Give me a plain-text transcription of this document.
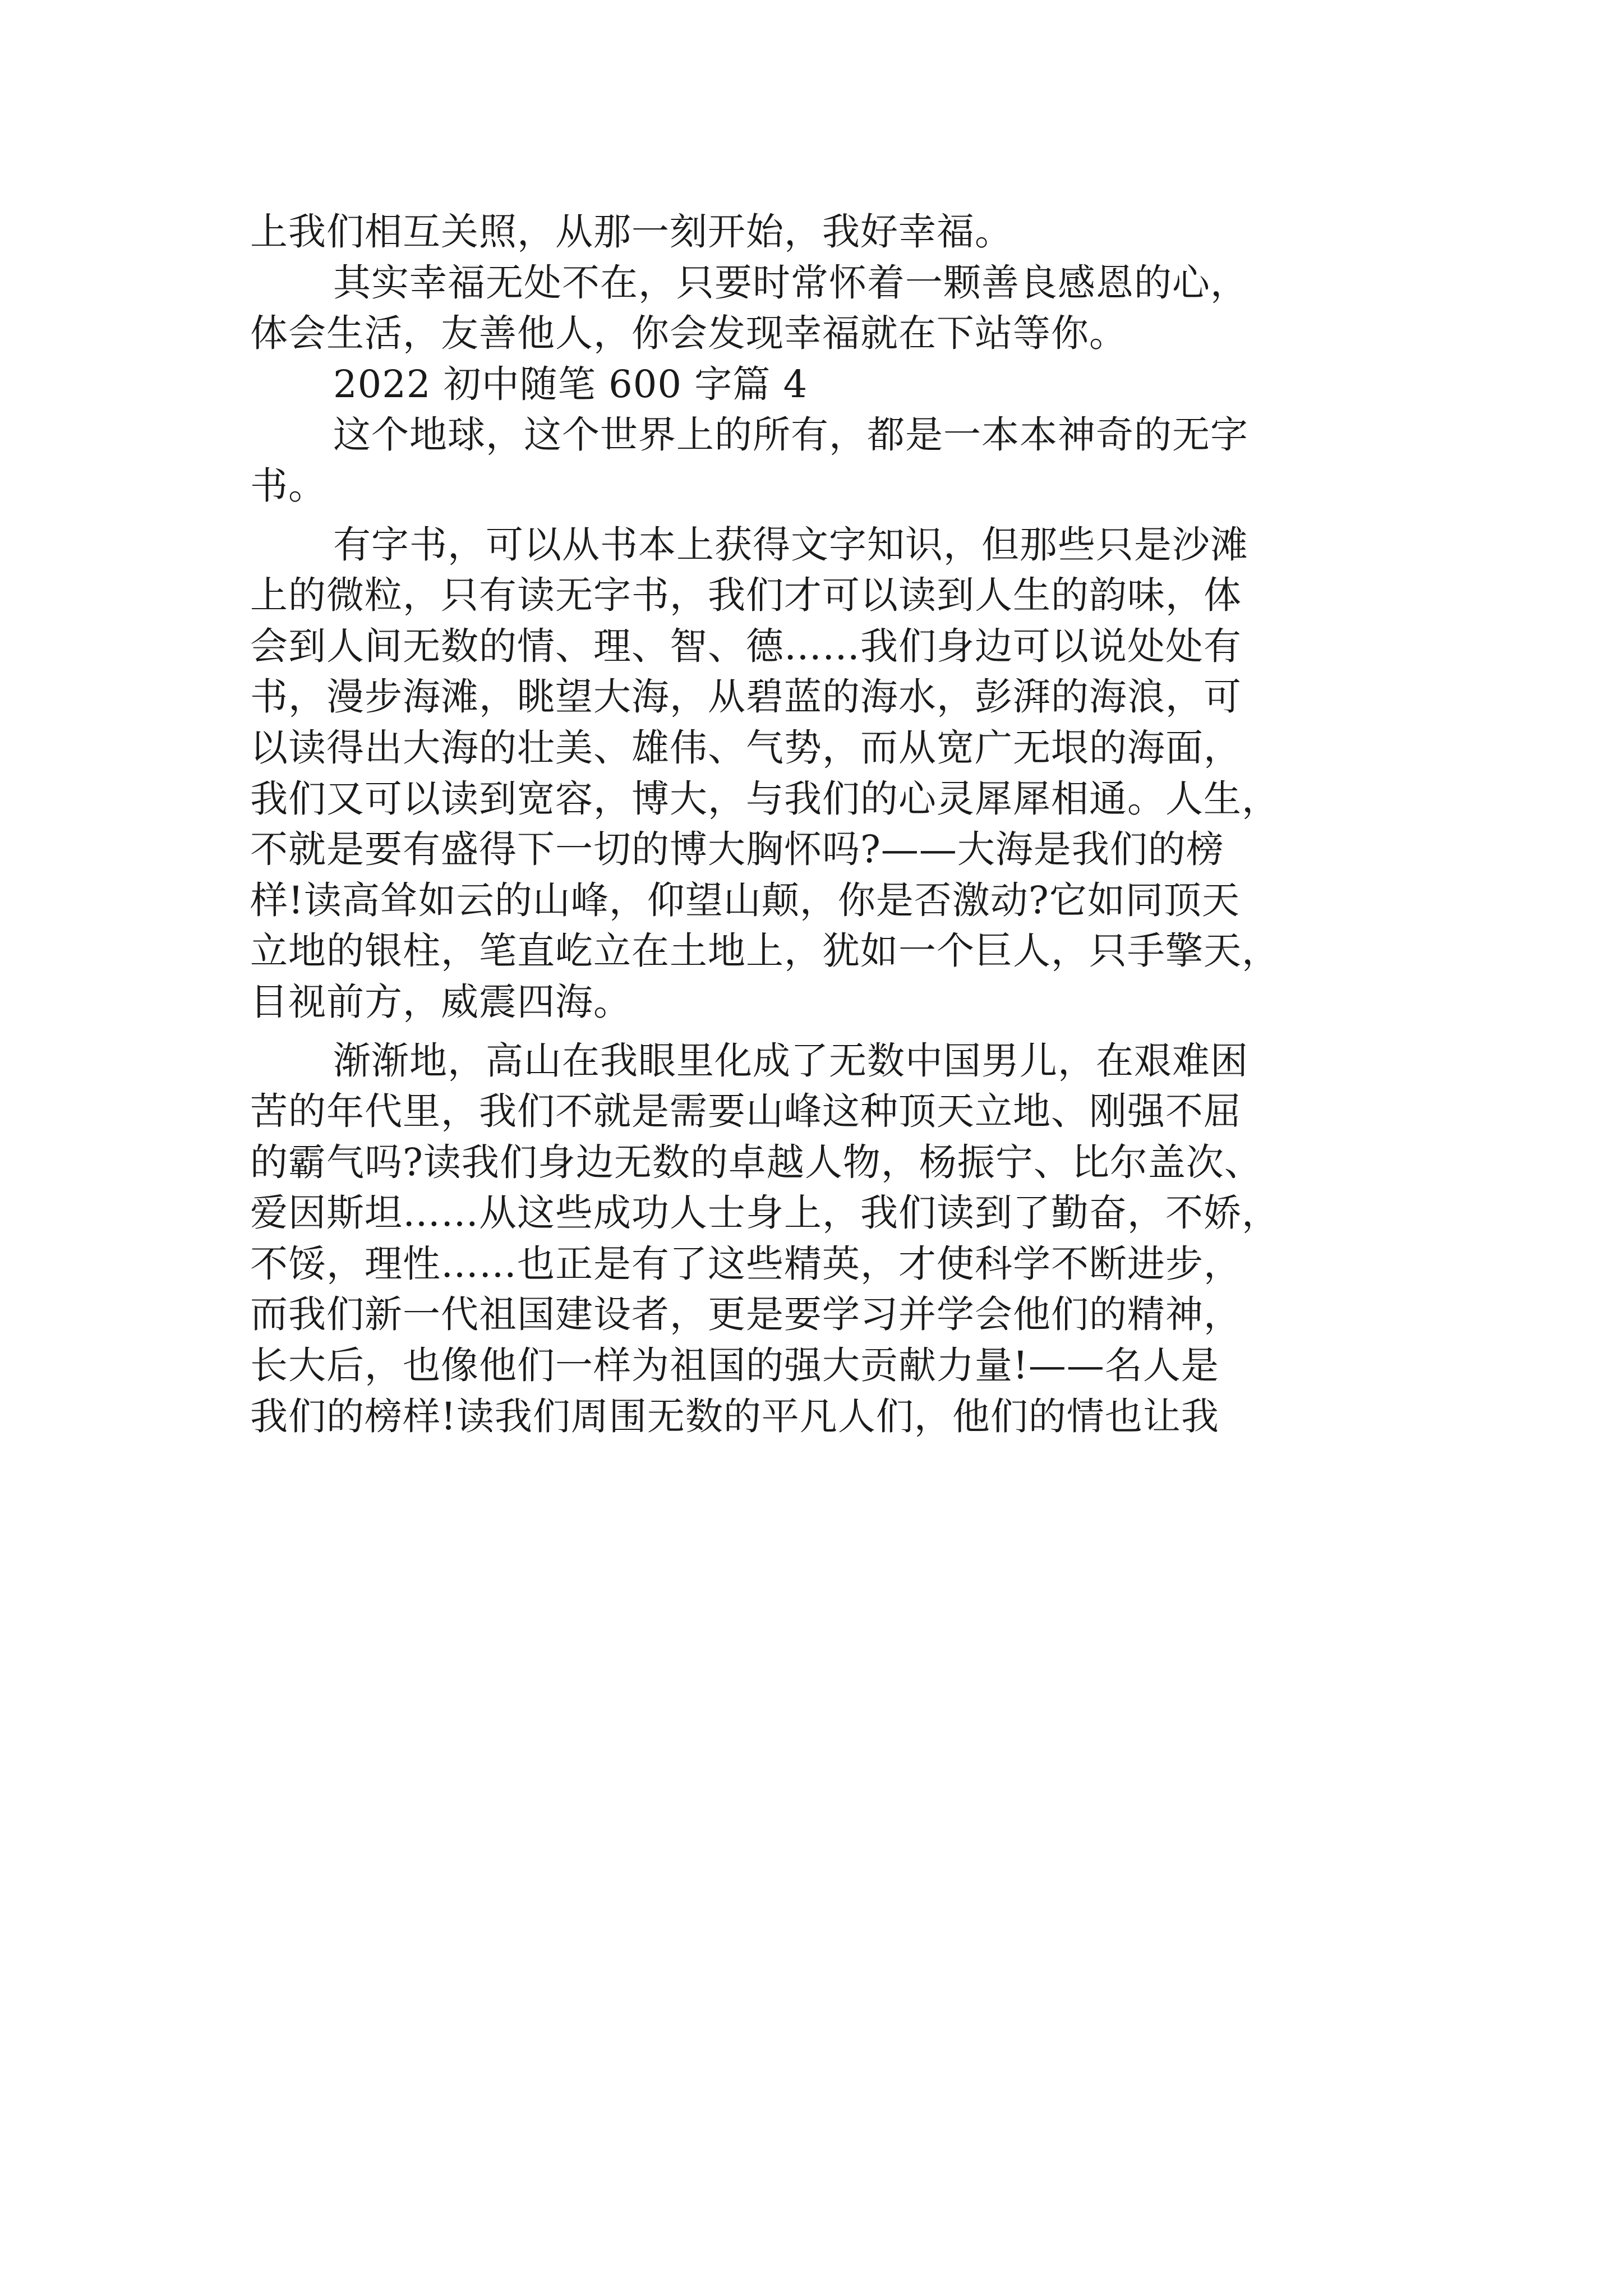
上我们相互关照，从那一刻开始，我好幸福。
其实幸福无处不在，只要时常怀着一颗善良感恩的心，
体会生活，友善他人，你会发现幸福就在下站等你。
2022 初中随笔 600 字篇 4
这个地球，这个世界上的所有，都是一本本神奇的无字
书。
有字书，可以从书本上获得文字知识，但那些只是沙滩
上的微粒，只有读无字书，我们才可以读到人生的韵味，体
会到人间无数的情、理、智、德……我们身边可以说处处有
书，漫步海滩，眺望大海，从碧蓝的海水，彭湃的海浪，可
以读得出大海的壮美、雄伟、气势，而从宽广无垠的海面，
我们又可以读到宽容，博大，与我们的心灵犀犀相通。人生，
不就是要有盛得下一切的博大胸怀吗?——大海是我们的榜
样!读高耸如云的山峰，仰望山颠，你是否激动?它如同顶天
立地的银柱，笔直屹立在土地上，犹如一个巨人，只手擎天，
目视前方，威震四海。
渐渐地，高山在我眼里化成了无数中国男儿，在艰难困
苦的年代里，我们不就是需要山峰这种顶天立地、刚强不屈
的霸气吗?读我们身边无数的卓越人物，杨振宁、比尔盖次、
爱因斯坦……从这些成功人士身上，我们读到了勤奋，不娇，
不馁，理性……也正是有了这些精英，才使科学不断进步，
而我们新一代祖国建设者，更是要学习并学会他们的精神，
长大后，也像他们一样为祖国的强大贡献力量!——名人是
我们的榜样!读我们周围无数的平凡人们，他们的情也让我
